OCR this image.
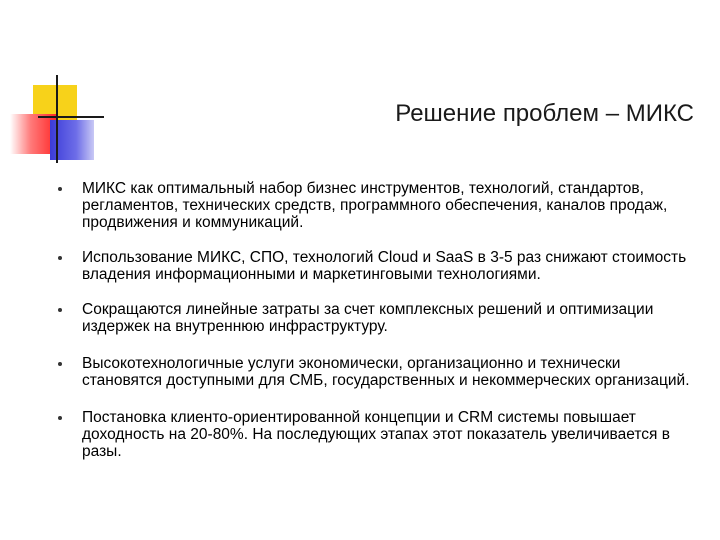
Решение проблем – МИКС
МИКС как оптимальный набор бизнес инструментов, технологий, стандартов, регламентов, технических средств, программного обеспечения, каналов продаж, продвижения и коммуникаций.
Использование МИКС, СПО, технологий Cloud и SaaS в 3-5 раз снижают стоимость владения информационными и маркетинговыми технологиями.
Сокращаются линейные затраты за счет комплексных решений и оптимизации издержек на внутреннюю инфраструктуру.
Высокотехнологичные услуги экономически, организационно и технически становятся доступными для СМБ, государственных и некоммерческих организаций.
Постановка клиенто-ориентированной концепции и CRM системы повышает доходность на 20-80%. На последующих этапах этот показатель увеличивается в разы.
